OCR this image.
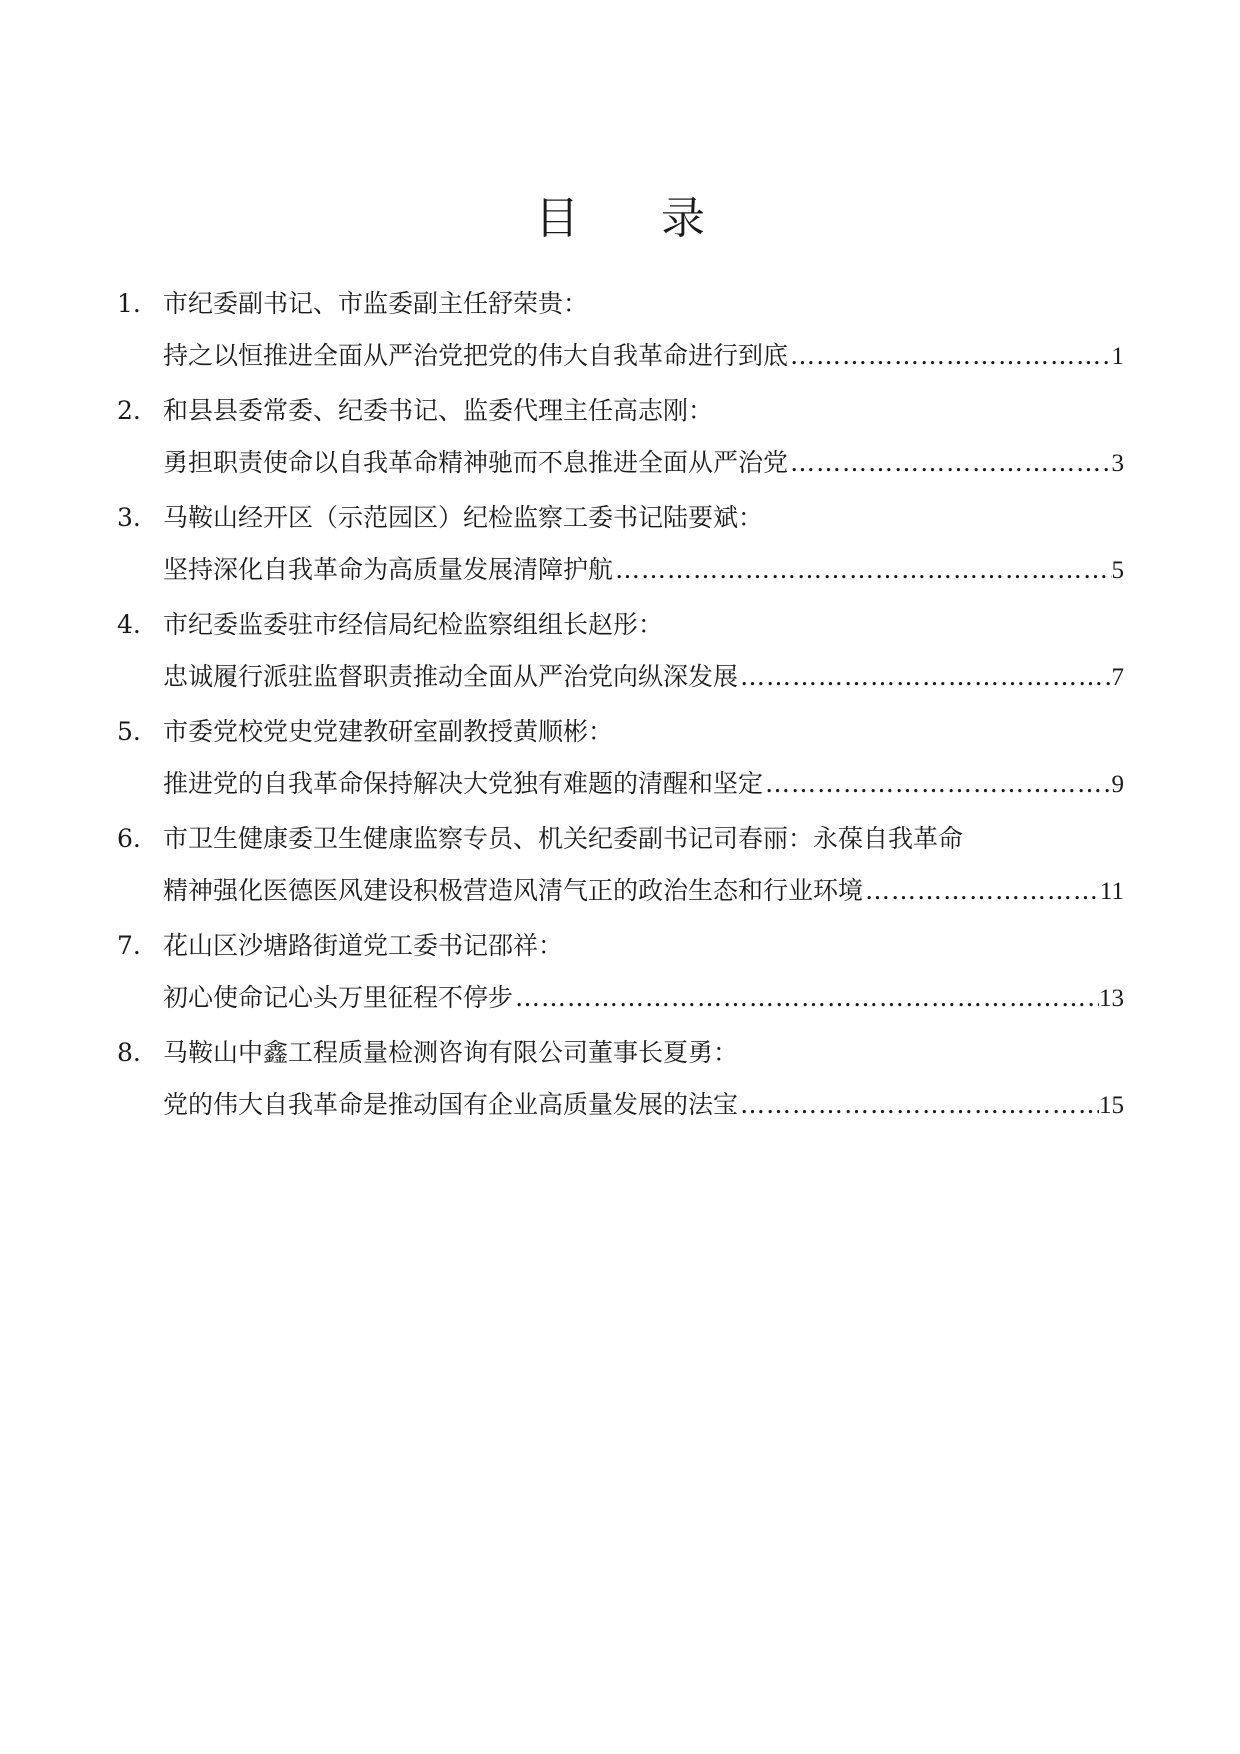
目 录
1. 市纪委副书记、市监委副主任舒荣贵：
持之以恒推进全面从严治党把党的伟大自我革命进行到底 ……………………………………………………………………………………………………………………	1
2. 和县县委常委、纪委书记、监委代理主任高志刚：
勇担职责使命以自我革命精神驰而不息推进全面从严治党 ……………………………………………………………………………………………………………………	3
3. 马鞍山经开区（示范园区）纪检监察工委书记陆要斌：
坚持深化自我革命为高质量发展清障护航 ……………………………………………………………………………………………………………………	5
4. 市纪委监委驻市经信局纪检监察组组长赵彤：
忠诚履行派驻监督职责推动全面从严治党向纵深发展 ……………………………………………………………………………………………………………………	7
5. 市委党校党史党建教研室副教授黄顺彬：
推进党的自我革命保持解决大党独有难题的清醒和坚定 ……………………………………………………………………………………………………………………	9
6. 市卫生健康委卫生健康监察专员、机关纪委副书记司春丽：永葆自我革命
精神强化医德医风建设积极营造风清气正的政治生态和行业环境 ……………………………………………………………………………………………………………………	11
7. 花山区沙塘路街道党工委书记邵祥：
初心使命记心头万里征程不停步 ……………………………………………………………………………………………………………………	13
8. 马鞍山中鑫工程质量检测咨询有限公司董事长夏勇：
党的伟大自我革命是推动国有企业高质量发展的法宝 ……………………………………………………………………………………………………………………	15
